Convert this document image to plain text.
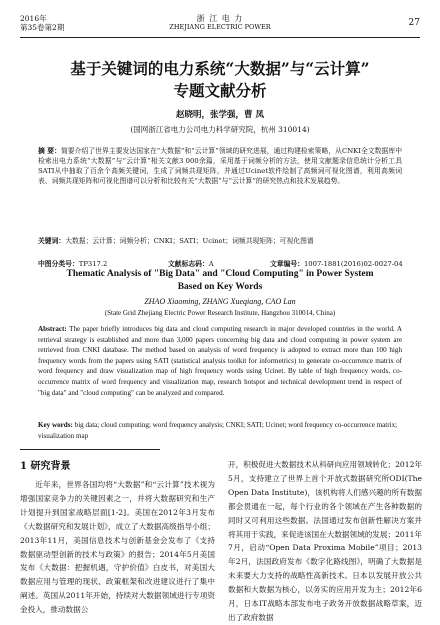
2016年
第35卷第2期
浙 江 电 力
ZHEJIANG ELECTRIC POWER	27
基于关键词的电力系统“大数据”与“云计算”
专题文献分析
赵晓明，张学强，曹 凤
(国网浙江省电力公司电力科学研究院，杭州 310014)
摘 要：简要介绍了世界主要发达国家在“大数据”和“云计算”领域的研究进展，通过构建检索策略，从CNKI全文数据库中检索出电力系统“大数据”与“云计算”相关文献3 000余篇，采用基于词频分析的方法，使用文献题录信息统计分析工具SATI从中抽取了百余个高频关键词，生成了词频共现矩阵，并通过Ucinet软件绘制了高频词可视化图谱，利用高频词表、词频共现矩阵和可视化图谱可以分析和比较有关“大数据”与“云计算”的研究热点和技术发展趋势。
关键词：大数据；云计算；词频分析；CNKI；SATI；Ucinet；词频共现矩阵；可视化图谱
中图分类号：TP317.2	文献标志码：A	文章编号：1007-1881(2016)02-0027-04
Thematic Analysis of "Big Data" and "Cloud Computing" in Power System
Based on Key Words
ZHAO Xiaoming, ZHANG Xueqiang, CAO Lan
(State Grid Zhejiang Electric Power Research Institute, Hangzhou 310014, China)
Abstract: The paper briefly introduces big data and cloud computing research in major developed countries in the world. A retrieval strategy is established and more than 3,000 papers concerning big data and cloud computing in power system are retrieved from CNKI database. The method based on analysis of word frequency is adopted to extract more than 100 high frequency words from the papers using SATI (statistical analysis toolkit for informetrics) to generate co-occurrence matrix of word frequency and draw visualization map of high frequency words using Ucinet. By table of high frequency words, co-occurrence matrix of word frequency and visualization map, research hotspot and technical development trend in respect of "big data" and "cloud computing" can be analyzed and compared.
Key words: big data; cloud computing; word frequency analysis; CNKI; SATI; Ucinet; word frequency co-occurrence matrix; visualization map
1 研究背景

近年来，世界各国均将“大数据”和“云计算”技术视为增强国家竞争力的关键因素之一，并将大数据研究和生产计划提升到国家战略层面[1-2]。美国在2012年3月发布《大数据研究和发展计划》，成立了大数据高级指导小组；2013年11月，美国信息技术与创新基金会发布了《支持数据驱动型创新的技术与政策》的报告；2014年5月美国发布《大数据：把握机遇，守护价值》白皮书，对美国大数据应用与管理的现状、政策框架和改进建议进行了集中阐述。英国从2011年开始，持续对大数据领域进行专项资金投入，推动数据公

开，积极促进大数据技术从科研向应用领域转化；2012年5月，支持建立了世界上首个开放式数据研究所ODI(The Open Data Institute)，该机构将人们感兴趣的所有数据都会贯通在一起，每个行业的各个领域在产生各种数据的同时又可利用这些数据。法国通过发布创新性解决方案并将其用于实践，来促进该国在大数据领域的发展；2011年7月，启动“Open Data Proxima Mobile”项目；2013年2月，法国政府发布《数字化路线图》，明确了大数据是未来要大力支持的战略性高新技术。日本以发展开放公共数据和大数据为核心，以务实的应用开发为主；2012年6月，日本IT战略本部发布电子政务开放数据战略草案，迈出了政府数据
